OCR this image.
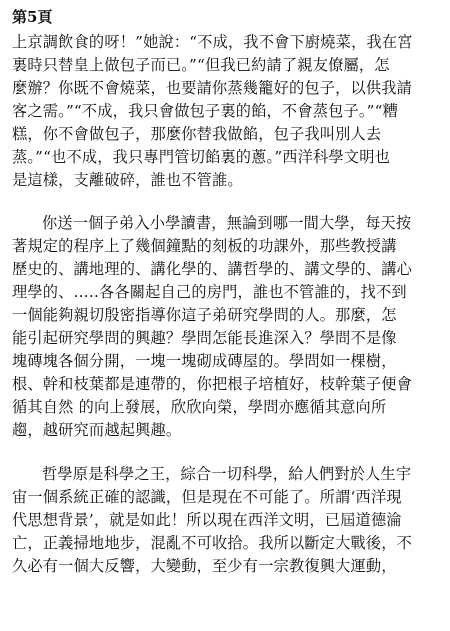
第5頁
上京調飲食的呀！”她說：“不成，我不會下廚燒菜，我在宮
裏時只替皇上做包子而已。”“但我已約請了親友僚屬，怎
麼辦？你既不會燒菜，也要請你蒸幾籠好的包子，以供我請
客之需。”“不成，我只會做包子裏的餡，不會蒸包子。”“糟
糕，你不會做包子，那麼你替我做餡，包子我叫別人去
蒸。”“也不成，我只專門管切餡裏的蔥。”西洋科學文明也
是這樣，支離破碎，誰也不管誰。
你送一個子弟入小學讀書，無論到哪一間大學，每天按
著規定的程序上了幾個鐘點的刻板的功課外，那些教授講
歷史的、講地理的、講化學的、講哲學的、講文學的、講心
理學的、…..各各關起自己的房門，誰也不管誰的，找不到
一個能夠親切殷密指導你這子弟研究學問的人。那麼，怎
能引起研究學問的興趣？學問怎能長進深入？學問不是像
塊磚塊各個分開，一塊一塊砌成磚屋的。學問如一棵樹，
根、幹和枝葉都是連帶的，你把根子培植好，枝幹葉子便會
循其自然 的向上發展，欣欣向榮，學問亦應循其意向所
趨，越研究而越起興趣。
哲學原是科學之王，綜合一切科學，給人們對於人生宇
宙一個系統正確的認識，但是現在不可能了。所謂‘西洋現
代思想背景’，就是如此！所以現在西洋文明，已屆道德淪
亡，正義掃地地步，混亂不可收拾。我所以斷定大戰後，不
久必有一個大反響，大變動，至少有一宗教復興大運動，
